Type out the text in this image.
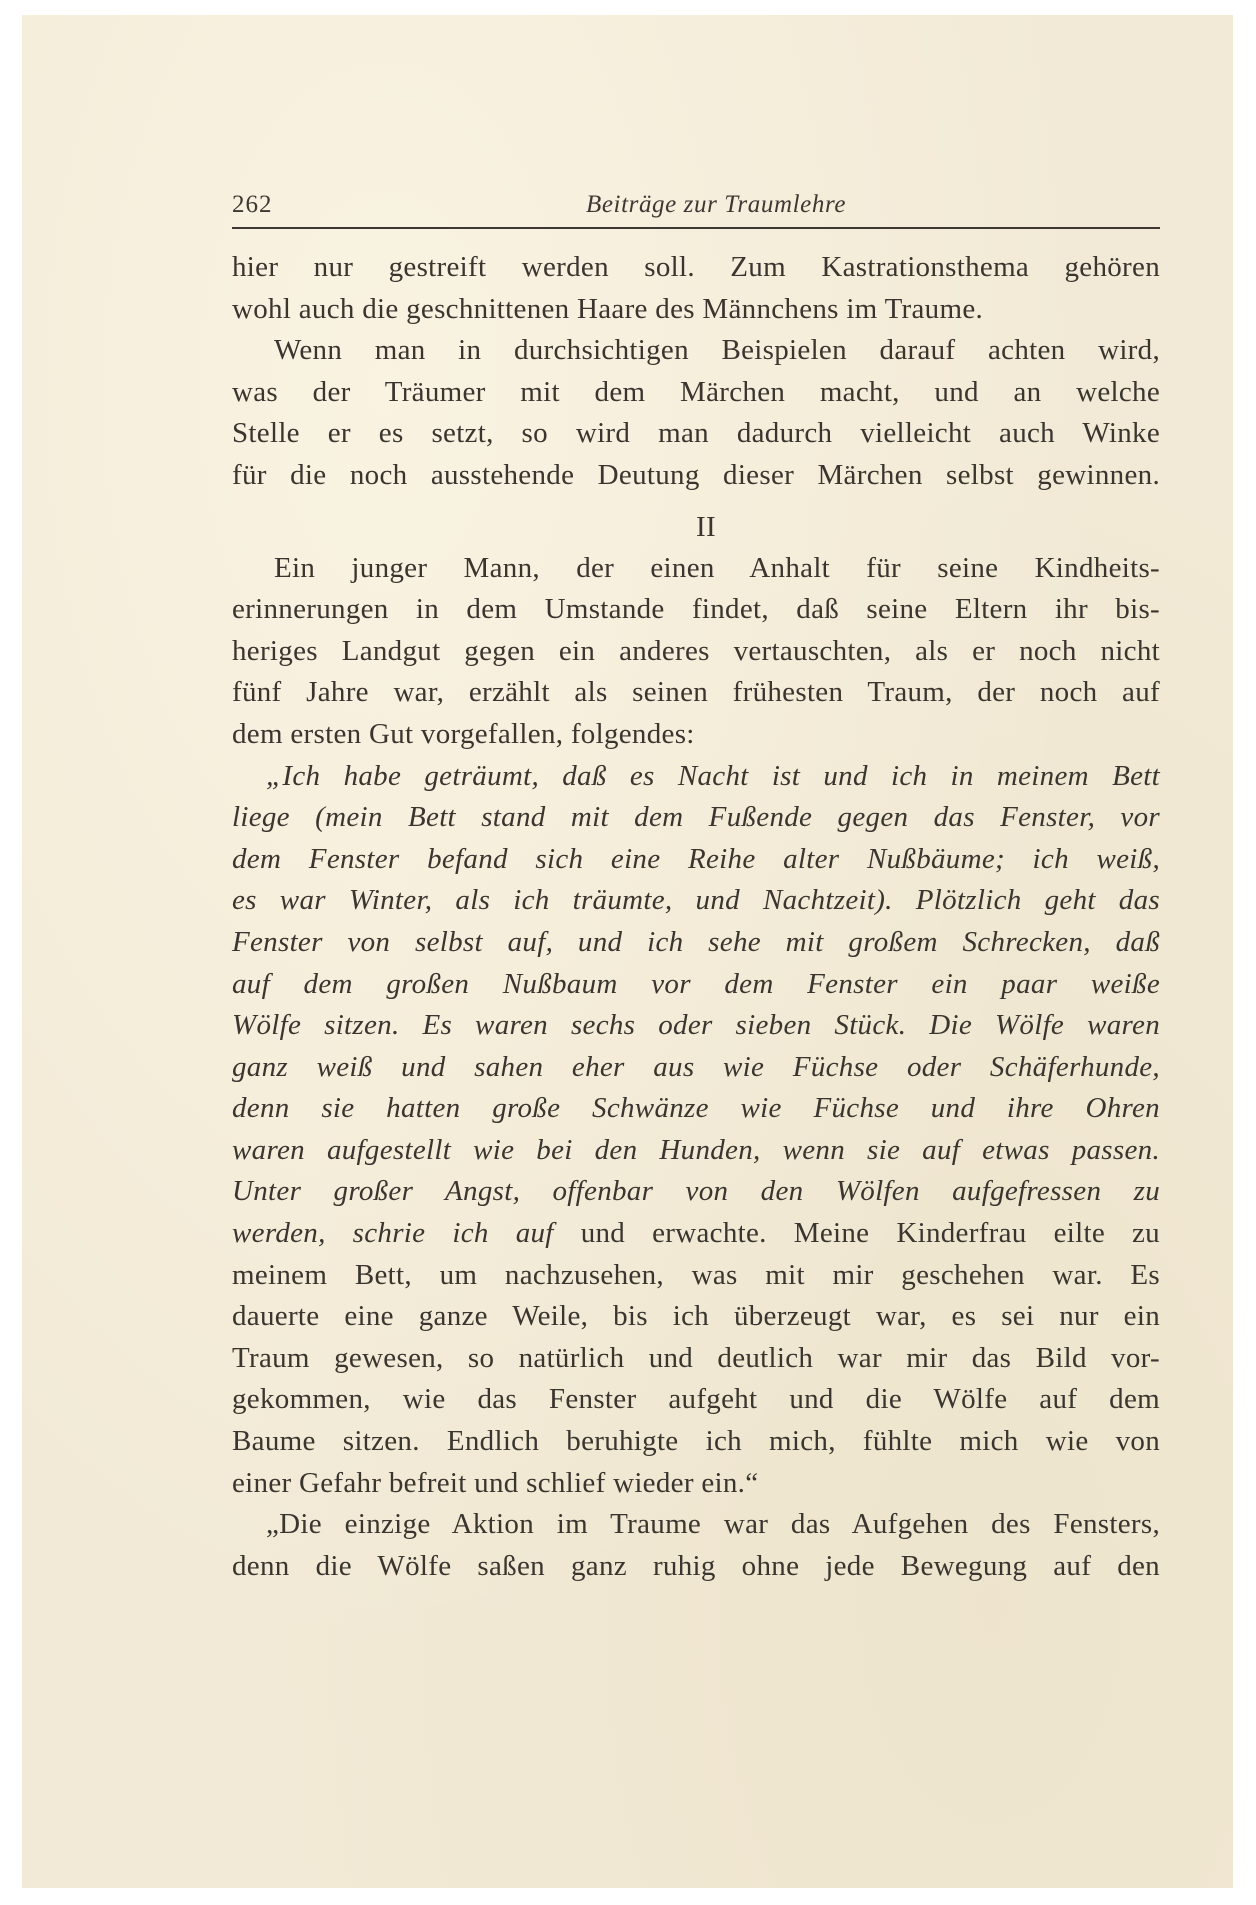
262	Beiträge zur Traumlehre
hier nur gestreift werden soll. Zum Kastrationsthema gehören
wohl auch die geschnittenen Haare des Männchens im Traume.
Wenn man in durchsichtigen Beispielen darauf achten wird,
was der Träumer mit dem Märchen macht, und an welche
Stelle er es setzt, so wird man dadurch vielleicht auch Winke
für die noch ausstehende Deutung dieser Märchen selbst gewinnen.
II
Ein junger Mann, der einen Anhalt für seine Kindheits-
erinnerungen in dem Umstande findet, daß seine Eltern ihr bis-
heriges Landgut gegen ein anderes vertauschten, als er noch nicht
fünf Jahre war, erzählt als seinen frühesten Traum, der noch auf
dem ersten Gut vorgefallen, folgendes:
„Ich habe geträumt, daß es Nacht ist und ich in meinem Bett
liege (mein Bett stand mit dem Fußende gegen das Fenster, vor
dem Fenster befand sich eine Reihe alter Nußbäume; ich weiß,
es war Winter, als ich träumte, und Nachtzeit). Plötzlich geht das
Fenster von selbst auf, und ich sehe mit großem Schrecken, daß
auf dem großen Nußbaum vor dem Fenster ein paar weiße
Wölfe sitzen. Es waren sechs oder sieben Stück. Die Wölfe waren
ganz weiß und sahen eher aus wie Füchse oder Schäferhunde,
denn sie hatten große Schwänze wie Füchse und ihre Ohren
waren aufgestellt wie bei den Hunden, wenn sie auf etwas passen.
Unter großer Angst, offenbar von den Wölfen aufgefressen zu
werden, schrie ich auf und erwachte. Meine Kinderfrau eilte zu
meinem Bett, um nachzusehen, was mit mir geschehen war. Es
dauerte eine ganze Weile, bis ich überzeugt war, es sei nur ein
Traum gewesen, so natürlich und deutlich war mir das Bild vor-
gekommen, wie das Fenster aufgeht und die Wölfe auf dem
Baume sitzen. Endlich beruhigte ich mich, fühlte mich wie von
einer Gefahr befreit und schlief wieder ein.“
„Die einzige Aktion im Traume war das Aufgehen des Fensters,
denn die Wölfe saßen ganz ruhig ohne jede Bewegung auf den
